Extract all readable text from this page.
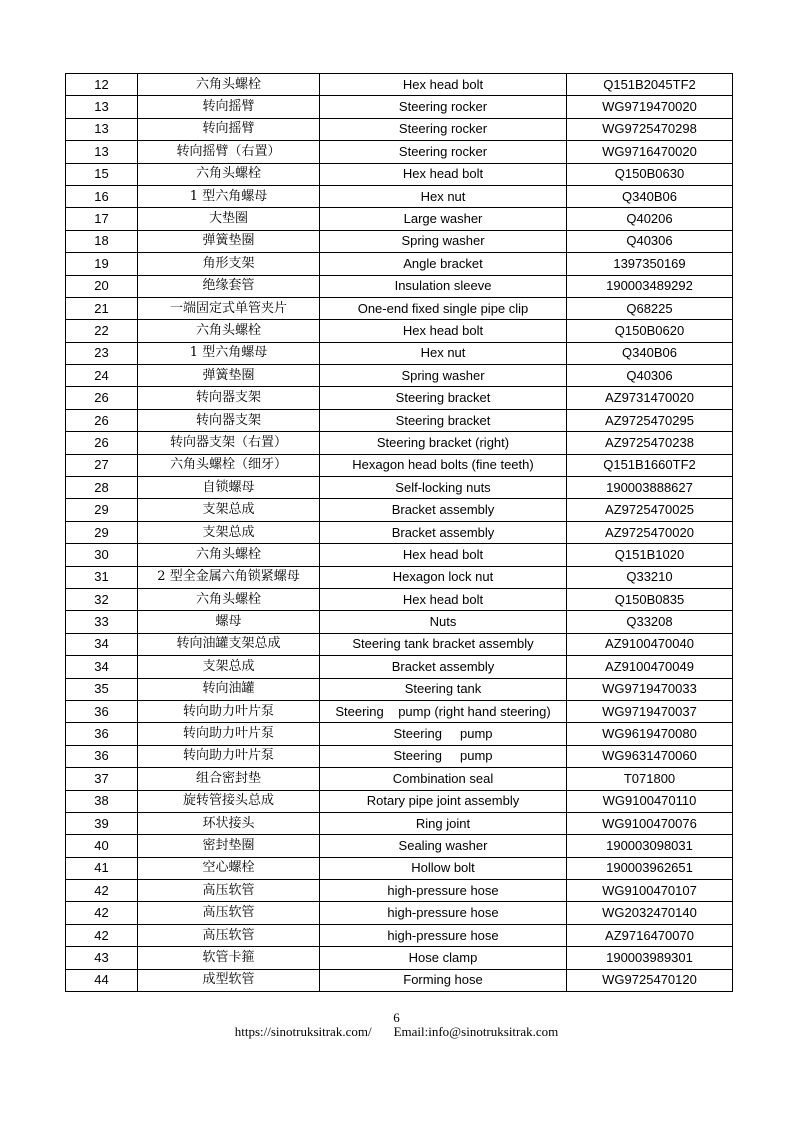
12	六角头螺栓	Hex head bolt	Q151B2045TF2
13	转向摇臂	Steering rocker	WG9719470020
13	转向摇臂	Steering rocker	WG9725470298
13	转向摇臂（右置）	Steering rocker	WG9716470020
15	六角头螺栓	Hex head bolt	Q150B0630
16	1 型六角螺母	Hex nut	Q340B06
17	大垫圈	Large washer	Q40206
18	弹簧垫圈	Spring washer	Q40306
19	角形支架	Angle bracket	1397350169
20	绝缘套管	Insulation sleeve	190003489292
21	一端固定式单管夹片	One-end fixed single pipe clip	Q68225
22	六角头螺栓	Hex head bolt	Q150B0620
23	1 型六角螺母	Hex nut	Q340B06
24	弹簧垫圈	Spring washer	Q40306
26	转向器支架	Steering bracket	AZ9731470020
26	转向器支架	Steering bracket	AZ9725470295
26	转向器支架（右置）	Steering bracket (right)	AZ9725470238
27	六角头螺栓（细牙）	Hexagon head bolts (fine teeth)	Q151B1660TF2
28	自锁螺母	Self-locking nuts	190003888627
29	支架总成	Bracket assembly	AZ9725470025
29	支架总成	Bracket assembly	AZ9725470020
30	六角头螺栓	Hex head bolt	Q151B1020
31	2 型全金属六角锁紧螺母	Hexagon lock nut	Q33210
32	六角头螺栓	Hex head bolt	Q150B0835
33	螺母	Nuts	Q33208
34	转向油罐支架总成	Steering tank bracket assembly	AZ9100470040
34	支架总成	Bracket assembly	AZ9100470049
35	转向油罐	Steering tank	WG9719470033
36	转向助力叶片泵	Steering    pump (right hand steering)	WG9719470037
36	转向助力叶片泵	Steering     pump	WG9619470080
36	转向助力叶片泵	Steering     pump	WG9631470060
37	组合密封垫	Combination seal	T071800
38	旋转管接头总成	Rotary pipe joint assembly	WG9100470110
39	环状接头	Ring joint	WG9100470076
40	密封垫圈	Sealing washer	190003098031
41	空心螺栓	Hollow bolt	190003962651
42	高压软管	high-pressure hose	WG9100470107
42	高压软管	high-pressure hose	WG2032470140
42	高压软管	high-pressure hose	AZ9716470070
43	软管卡箍	Hose clamp	190003989301
44	成型软管	Forming hose	WG9725470120
6
https://sinotruksitrak.com/ Email:info@sinotruksitrak.com
